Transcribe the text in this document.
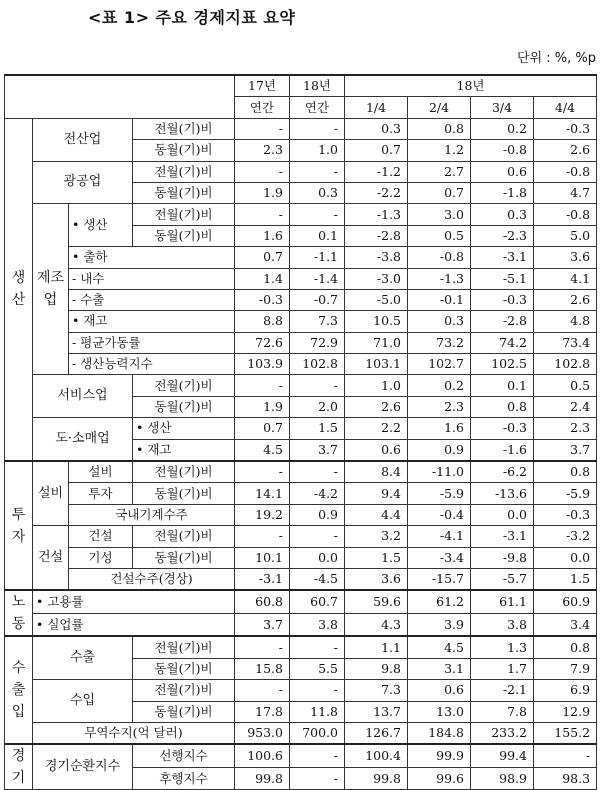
<표 1> 주요 경제지표 요약
단위 : %, %p
				17년	18년	18년			
				연간	연간	1/4	2/4	3/4	4/4
생산	전산업		전월(기)비	-	-	0.3	0.8	0.2	-0.3
			동월(기)비	2.3	1.0	0.7	1.2	-0.8	2.6
	광공업		전월(기)비	-	-	-1.2	2.7	0.6	-0.8
			동월(기)비	1.9	0.3	-2.2	0.7	-1.8	4.7
	제조업	• 생산	전월(기)비	-	-	-1.3	3.0	0.3	-0.8
			동월(기)비	1.6	0.1	-2.8	0.5	-2.3	5.0
		• 출하		0.7	-1.1	-3.8	-0.8	-3.1	3.6
		- 내수		1.4	-1.4	-3.0	-1.3	-5.1	4.1
		- 수출		-0.3	-0.7	-5.0	-0.1	-0.3	2.6
		• 재고		8.8	7.3	10.5	0.3	-2.8	4.8
		- 평균가동률		72.6	72.9	71.0	73.2	74.2	73.4
		- 생산능력지수		103.9	102.8	103.1	102.7	102.5	102.8
	서비스업		전월(기)비	-	-	1.0	0.2	0.1	0.5
			동월(기)비	1.9	2.0	2.6	2.3	0.8	2.4
	도·소매업		• 생산	0.7	1.5	2.2	1.6	-0.3	2.3
			• 재고	4.5	3.7	0.6	0.9	-1.6	3.7
투자	설비	설비	전월(기)비	-	-	8.4	-11.0	-6.2	0.8
		투자	동월(기)비	14.1	-4.2	9.4	-5.9	-13.6	-5.9
		국내기계수주		19.2	0.9	4.4	-0.4	0.0	-0.3
	건설	건설	전월(기)비	-	-	3.2	-4.1	-3.1	-3.2
		기성	동월(기)비	10.1	0.0	1.5	-3.4	-9.8	0.0
		건설수주(경상)		-3.1	-4.5	3.6	-15.7	-5.7	1.5
노동	• 고용률			60.8	60.7	59.6	61.2	61.1	60.9
	• 실업률			3.7	3.8	4.3	3.9	3.8	3.4
수출입	수출		전월(기)비	-	-	1.1	4.5	1.3	0.8
			동월(기)비	15.8	5.5	9.8	3.1	1.7	7.9
	수입		전월(기)비	-	-	7.3	0.6	-2.1	6.9
			동월(기)비	17.8	11.8	13.7	13.0	7.8	12.9
	무역수지(억 달러)			953.0	700.0	126.7	184.8	233.2	155.2
경기	경기순환지수		선행지수	100.6	-	100.4	99.9	99.4	-
			후행지수	99.8	-	99.8	99.6	98.9	98.3
